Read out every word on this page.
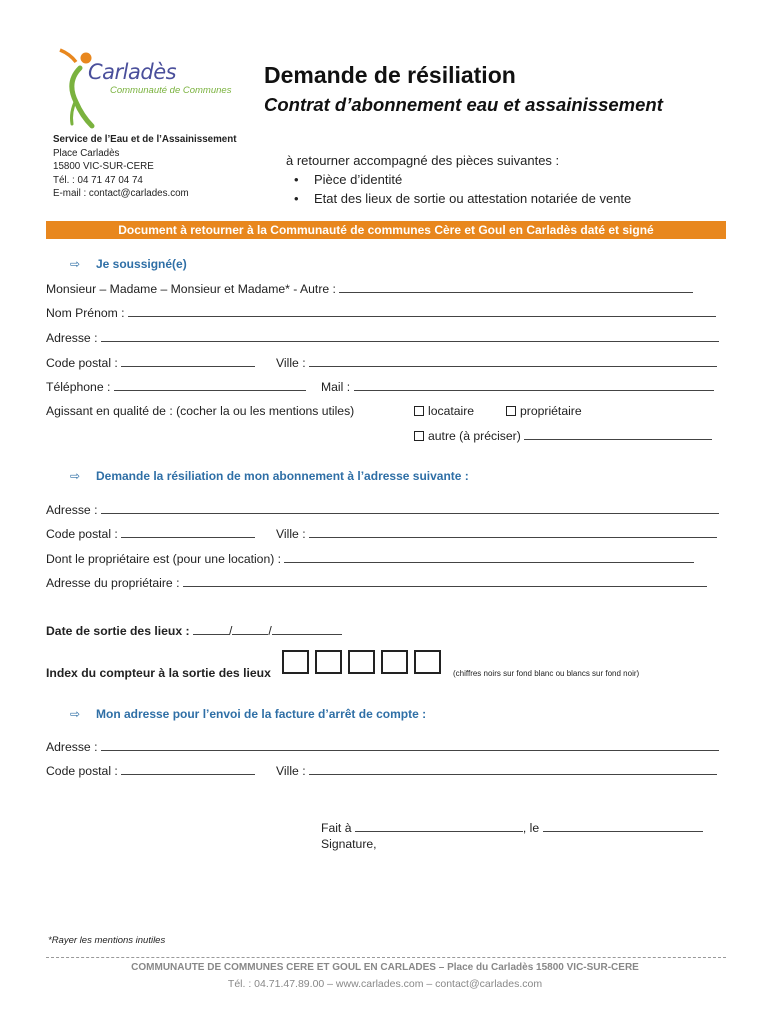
Carladès
Communauté de Communes
Demande de résiliation
Contrat d’abonnement eau et assainissement
Service de l’Eau et de l’Assainissement
Place Carladès
15800 VIC-SUR-CERE
Tél. : 04 71 47 04 74
E-mail : contact@carlades.com
à retourner accompagné des pièces suivantes :
• Pièce d’identité
• Etat des lieux de sortie ou attestation notariée de vente
Document à retourner à la Communauté de communes Cère et Goul en Carladès daté et signé
⇨ Je soussigné(e)
Monsieur – Madame – Monsieur et Madame* - Autre :
Nom Prénom :
Adresse :
Code postal :	Ville :
Téléphone :	Mail :
Agissant en qualité de : (cocher la ou les mentions utiles)	locataire	propriétaire
autre (à préciser)
⇨ Demande la résiliation de mon abonnement à l’adresse suivante :
Adresse :
Code postal :	Ville :
Dont le propriétaire est (pour une location) :
Adresse du propriétaire :
Date de sortie des lieux :	/	/
Index du compteur à la sortie des lieux	(chiffres noirs sur fond blanc ou blancs sur fond noir)
⇨ Mon adresse pour l’envoi de la facture d’arrêt de compte :
Adresse :
Code postal :	Ville :
Fait à	, le
Signature,
*Rayer les mentions inutiles
COMMUNAUTE DE COMMUNES CERE ET GOUL EN CARLADES – Place du Carladès 15800 VIC-SUR-CERE
Tél. : 04.71.47.89.00 – www.carlades.com – contact@carlades.com
